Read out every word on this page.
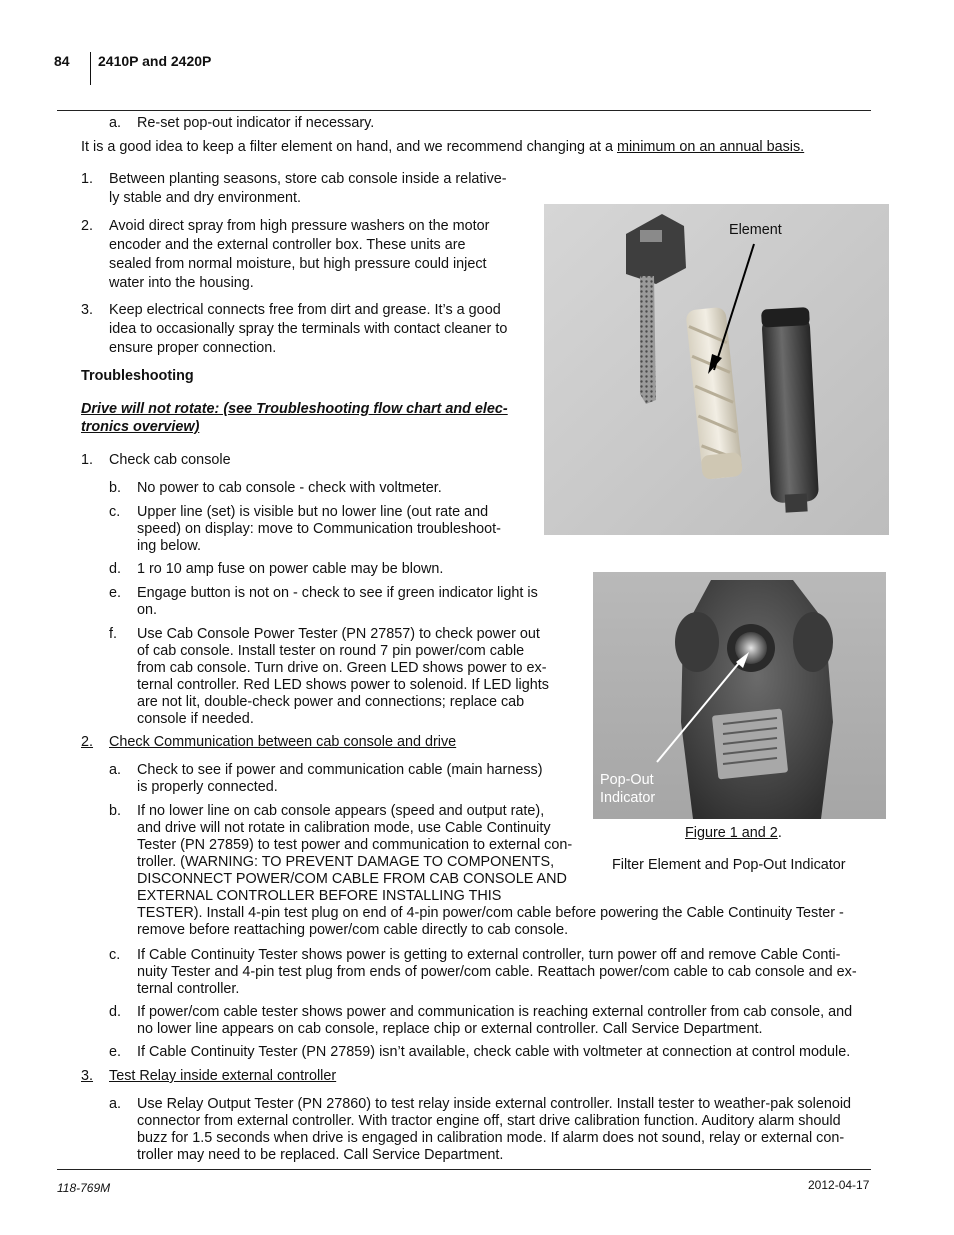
84 2410P and 2420P
a. Re-set pop-out indicator if necessary.
It is a good idea to keep a filter element on hand, and we recommend changing at a minimum on an annual basis.
1. Between planting seasons, store cab console inside a relative-
ly stable and dry environment.
2. Avoid direct spray from high pressure washers on the motor
encoder and the external controller box. These units are
sealed from normal moisture, but high pressure could inject
water into the housing.
3. Keep electrical connects free from dirt and grease. It’s a good
idea to occasionally spray the terminals with contact cleaner to
ensure proper connection.
Troubleshooting
Drive will not rotate: (see Troubleshooting flow chart and elec-
tronics overview)
1. Check cab console
b. No power to cab console - check with voltmeter.
c. Upper line (set) is visible but no lower line (out rate and
speed) on display: move to Communication troubleshoot-
ing below.
d. 1 ro 10 amp fuse on power cable may be blown.
e. Engage button is not on - check to see if green indicator light is
on.
f. Use Cab Console Power Tester (PN 27857) to check power out
of cab console. Install tester on round 7 pin power/com cable
from cab console. Turn drive on. Green LED shows power to ex-
ternal controller. Red LED shows power to solenoid. If LED lights
are not lit, double-check power and connections; replace cab
console if needed.
2. Check Communication between cab console and drive
a. Check to see if power and communication cable (main harness)
is properly connected.
b. If no lower line on cab console appears (speed and output rate),
and drive will not rotate in calibration mode, use Cable Continuity
Tester (PN 27859) to test power and communication to external con-
troller. (WARNING: TO PREVENT DAMAGE TO COMPONENTS,
DISCONNECT POWER/COM CABLE FROM CAB CONSOLE AND
EXTERNAL CONTROLLER BEFORE INSTALLING THIS
TESTER). Install 4-pin test plug on end of 4-pin power/com cable before powering the Cable Continuity Tester -
remove before reattaching power/com cable directly to cab console.
c. If Cable Continuity Tester shows power is getting to external controller, turn power off and remove Cable Conti-
nuity Tester and 4-pin test plug from ends of power/com cable. Reattach power/com cable to cab console and ex-
ternal controller.
d. If power/com cable tester shows power and communication is reaching external controller from cab console, and
no lower line appears on cab console, replace chip or external controller. Call Service Department.
e. If Cable Continuity Tester (PN 27859) isn’t available, check cable with voltmeter at connection at control module.
3. Test Relay inside external controller
a. Use Relay Output Tester (PN 27860) to test relay inside external controller. Install tester to weather-pak solenoid
connector from external controller. With tractor engine off, start drive calibration function. Auditory alarm should
buzz for 1.5 seconds when drive is engaged in calibration mode. If alarm does not sound, relay or external con-
troller may need to be replaced. Call Service Department.
Element
Pop-Out
Indicator
Figure 1 and 2.
Filter Element and Pop-Out Indicator
118-769M	2012-04-17
